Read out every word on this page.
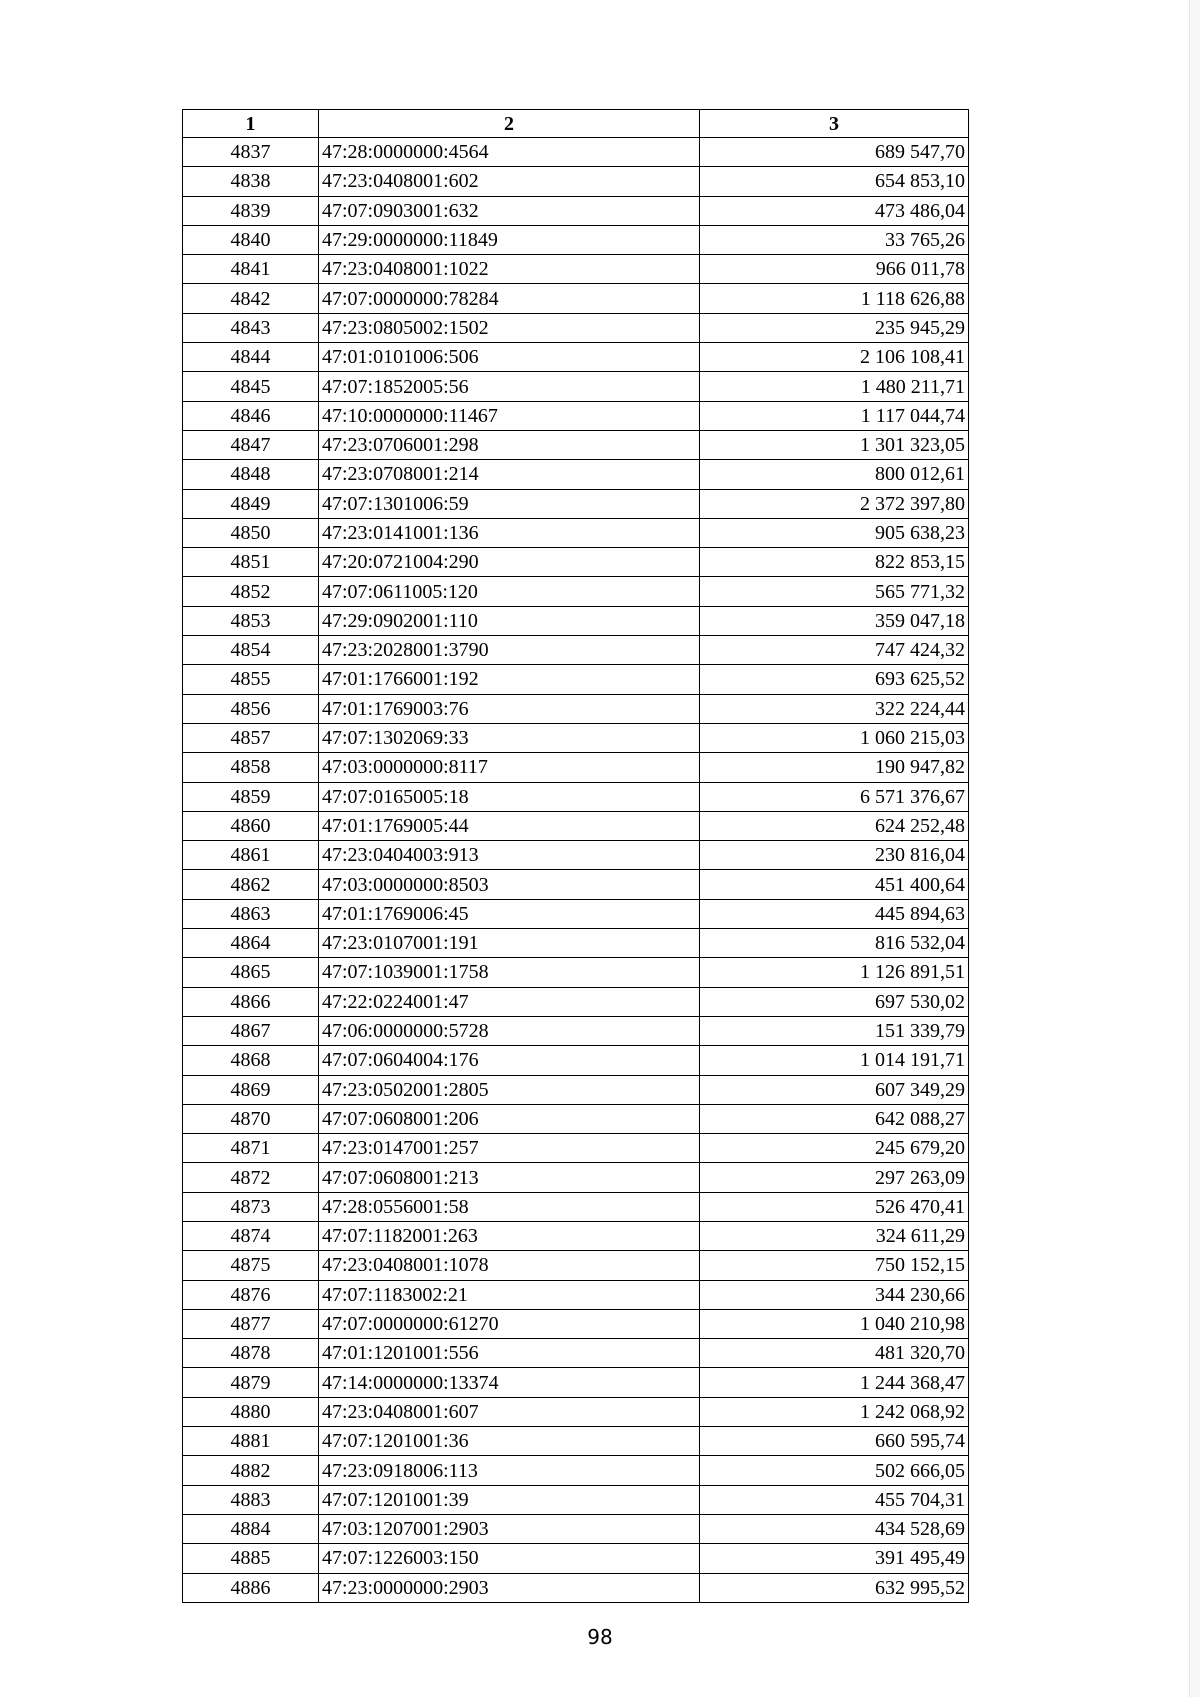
1	2	3
4837	47:28:0000000:4564	689 547,70
4838	47:23:0408001:602	654 853,10
4839	47:07:0903001:632	473 486,04
4840	47:29:0000000:11849	33 765,26
4841	47:23:0408001:1022	966 011,78
4842	47:07:0000000:78284	1 118 626,88
4843	47:23:0805002:1502	235 945,29
4844	47:01:0101006:506	2 106 108,41
4845	47:07:1852005:56	1 480 211,71
4846	47:10:0000000:11467	1 117 044,74
4847	47:23:0706001:298	1 301 323,05
4848	47:23:0708001:214	800 012,61
4849	47:07:1301006:59	2 372 397,80
4850	47:23:0141001:136	905 638,23
4851	47:20:0721004:290	822 853,15
4852	47:07:0611005:120	565 771,32
4853	47:29:0902001:110	359 047,18
4854	47:23:2028001:3790	747 424,32
4855	47:01:1766001:192	693 625,52
4856	47:01:1769003:76	322 224,44
4857	47:07:1302069:33	1 060 215,03
4858	47:03:0000000:8117	190 947,82
4859	47:07:0165005:18	6 571 376,67
4860	47:01:1769005:44	624 252,48
4861	47:23:0404003:913	230 816,04
4862	47:03:0000000:8503	451 400,64
4863	47:01:1769006:45	445 894,63
4864	47:23:0107001:191	816 532,04
4865	47:07:1039001:1758	1 126 891,51
4866	47:22:0224001:47	697 530,02
4867	47:06:0000000:5728	151 339,79
4868	47:07:0604004:176	1 014 191,71
4869	47:23:0502001:2805	607 349,29
4870	47:07:0608001:206	642 088,27
4871	47:23:0147001:257	245 679,20
4872	47:07:0608001:213	297 263,09
4873	47:28:0556001:58	526 470,41
4874	47:07:1182001:263	324 611,29
4875	47:23:0408001:1078	750 152,15
4876	47:07:1183002:21	344 230,66
4877	47:07:0000000:61270	1 040 210,98
4878	47:01:1201001:556	481 320,70
4879	47:14:0000000:13374	1 244 368,47
4880	47:23:0408001:607	1 242 068,92
4881	47:07:1201001:36	660 595,74
4882	47:23:0918006:113	502 666,05
4883	47:07:1201001:39	455 704,31
4884	47:03:1207001:2903	434 528,69
4885	47:07:1226003:150	391 495,49
4886	47:23:0000000:2903	632 995,52
98
